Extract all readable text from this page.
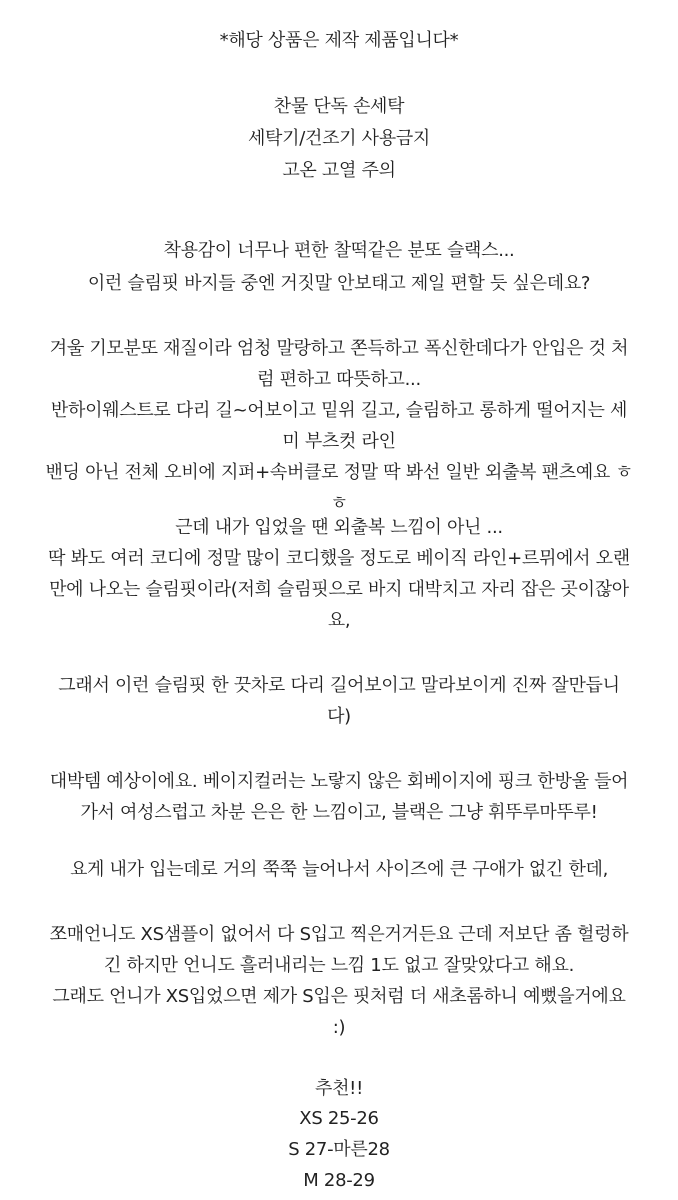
*해당 상품은 제작 제품입니다*
찬물 단독 손세탁
세탁기/건조기 사용금지
고온 고열 주의
착용감이 너무나 편한 찰떡같은 분또 슬랙스...
이런 슬림핏 바지들 중엔 거짓말 안보태고 제일 편할 듯 싶은데요?
겨울 기모분또 재질이라 엄청 말랑하고 쫀득하고 폭신한데다가 안입은 것 처
럼 편하고 따뜻하고...
반하이웨스트로 다리 길~어보이고 밑위 길고, 슬림하고 롱하게 떨어지는 세
미 부츠컷 라인
밴딩 아닌 전체 오비에 지퍼+속버클로 정말 딱 봐선 일반 외출복 팬츠예요 ㅎ
ㅎ
근데 내가 입었을 땐 외출복 느낌이 아닌 ...
딱 봐도 여러 코디에 정말 많이 코디했을 정도로 베이직 라인+르뮈에서 오랜
만에 나오는 슬림핏이라(저희 슬림핏으로 바지 대박치고 자리 잡은 곳이잖아
요,
그래서 이런 슬림핏 한 끗차로 다리 길어보이고 말라보이게 진짜 잘만듭니
다)
대박템 예상이에요. 베이지컬러는 노랗지 않은 회베이지에 핑크 한방울 들어
가서 여성스럽고 차분 은은 한 느낌이고, 블랙은 그냥 휘뚜루마뚜루!
요게 내가 입는데로 거의 쭉쭉 늘어나서 사이즈에 큰 구애가 없긴 한데,
쪼매언니도 XS샘플이 없어서 다 S입고 찍은거거든요 근데 저보단 좀 헐렁하
긴 하지만 언니도 흘러내리는 느낌 1도 없고 잘맞았다고 해요.
그래도 언니가 XS입었으면 제가 S입은 핏처럼 더 새초롬하니 예뻤을거에요
:)
추천!!
XS 25-26
S 27-마른28
M 28-29
